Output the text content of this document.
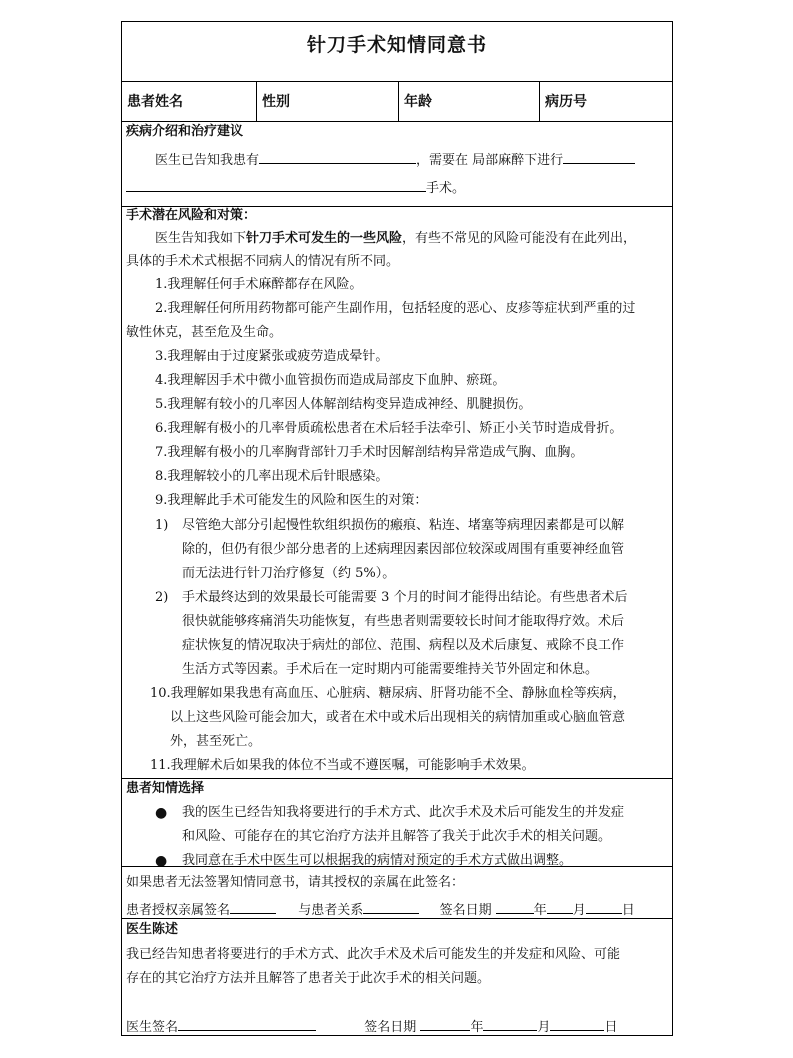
针刀手术知情同意书
患者姓名	性别	年龄	病历号
疾病介绍和治疗建议
医生已告知我患有	，需要在 局部麻醉下进行
手术。
手术潜在风险和对策：
医生告知我如下针刀手术可发生的一些风险，有些不常见的风险可能没有在此列出，
具体的手术术式根据不同病人的情况有所不同。
1.我理解任何手术麻醉都存在风险。
2.我理解任何所用药物都可能产生副作用，包括轻度的恶心、皮疹等症状到严重的过
敏性休克，甚至危及生命。
3.我理解由于过度紧张或疲劳造成晕针。
4.我理解因手术中微小血管损伤而造成局部皮下血肿、瘀斑。
5.我理解有较小的几率因人体解剖结构变异造成神经、肌腱损伤。
6.我理解有极小的几率骨质疏松患者在术后轻手法牵引、矫正小关节时造成骨折。
7.我理解有极小的几率胸背部针刀手术时因解剖结构异常造成气胸、血胸。
8.我理解较小的几率出现术后针眼感染。
9.我理解此手术可能发生的风险和医生的对策：
1) 尽管绝大部分引起慢性软组织损伤的瘢痕、粘连、堵塞等病理因素都是可以解
除的，但仍有很少部分患者的上述病理因素因部位较深或周围有重要神经血管
而无法进行针刀治疗修复（约 5%）。
2) 手术最终达到的效果最长可能需要 3 个月的时间才能得出结论。有些患者术后
很快就能够疼痛消失功能恢复，有些患者则需要较长时间才能取得疗效。术后
症状恢复的情况取决于病灶的部位、范围、病程以及术后康复、戒除不良工作
生活方式等因素。手术后在一定时期内可能需要维持关节外固定和休息。
10.我理解如果我患有高血压、心脏病、糖尿病、肝肾功能不全、静脉血栓等疾病，
以上这些风险可能会加大，或者在术中或术后出现相关的病情加重或心脑血管意
外，甚至死亡。
11.我理解术后如果我的体位不当或不遵医嘱，可能影响手术效果。
患者知情选择
● 我的医生已经告知我将要进行的手术方式、此次手术及术后可能发生的并发症
和风险、可能存在的其它治疗方法并且解答了我关于此次手术的相关问题。
● 我同意在手术中医生可以根据我的病情对预定的手术方式做出调整。
如果患者无法签署知情同意书，请其授权的亲属在此签名：
患者授权亲属签名	与患者关系	签名日期	年 月	日
医生陈述
我已经告知患者将要进行的手术方式、此次手术及术后可能发生的并发症和风险、可能
存在的其它治疗方法并且解答了患者关于此次手术的相关问题。
医生签名	签名日期	年	月	日
